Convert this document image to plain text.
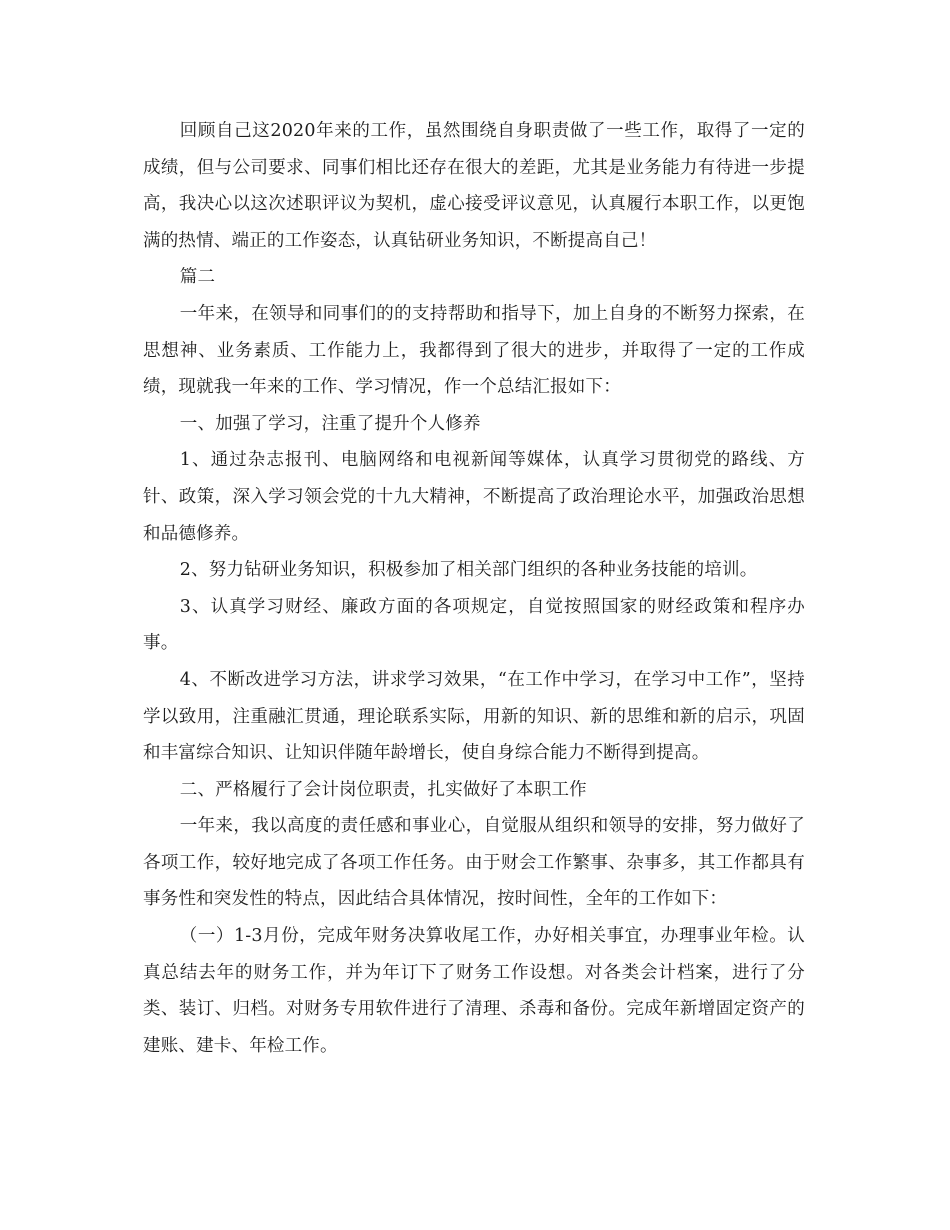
回顾自己这2020年来的工作，虽然围绕自身职责做了一些工作，取得了一定的成绩，但与公司要求、同事们相比还存在很大的差距，尤其是业务能力有待进一步提高，我决心以这次述职评议为契机，虚心接受评议意见，认真履行本职工作，以更饱满的热情、端正的工作姿态，认真钻研业务知识，不断提高自己！

篇二

一年来，在领导和同事们的的支持帮助和指导下，加上自身的不断努力探索，在思想神、业务素质、工作能力上，我都得到了很大的进步，并取得了一定的工作成绩，现就我一年来的工作、学习情况，作一个总结汇报如下：

一、加强了学习，注重了提升个人修养

1、通过杂志报刊、电脑网络和电视新闻等媒体，认真学习贯彻党的路线、方针、政策，深入学习领会党的十九大精神，不断提高了政治理论水平，加强政治思想和品德修养。

2、努力钻研业务知识，积极参加了相关部门组织的各种业务技能的培训。

3、认真学习财经、廉政方面的各项规定，自觉按照国家的财经政策和程序办事。

4、不断改进学习方法，讲求学习效果，“在工作中学习，在学习中工作”，坚持学以致用，注重融汇贯通，理论联系实际，用新的知识、新的思维和新的启示，巩固和丰富综合知识、让知识伴随年龄增长，使自身综合能力不断得到提高。

二、严格履行了会计岗位职责，扎实做好了本职工作

一年来，我以高度的责任感和事业心，自觉服从组织和领导的安排，努力做好了各项工作，较好地完成了各项工作任务。由于财会工作繁事、杂事多，其工作都具有事务性和突发性的特点，因此结合具体情况，按时间性，全年的工作如下：

（一）1-3月份，完成年财务决算收尾工作，办好相关事宜，办理事业年检。认真总结去年的财务工作，并为年订下了财务工作设想。对各类会计档案，进行了分类、装订、归档。对财务专用软件进行了清理、杀毒和备份。完成年新增固定资产的建账、建卡、年检工作。
